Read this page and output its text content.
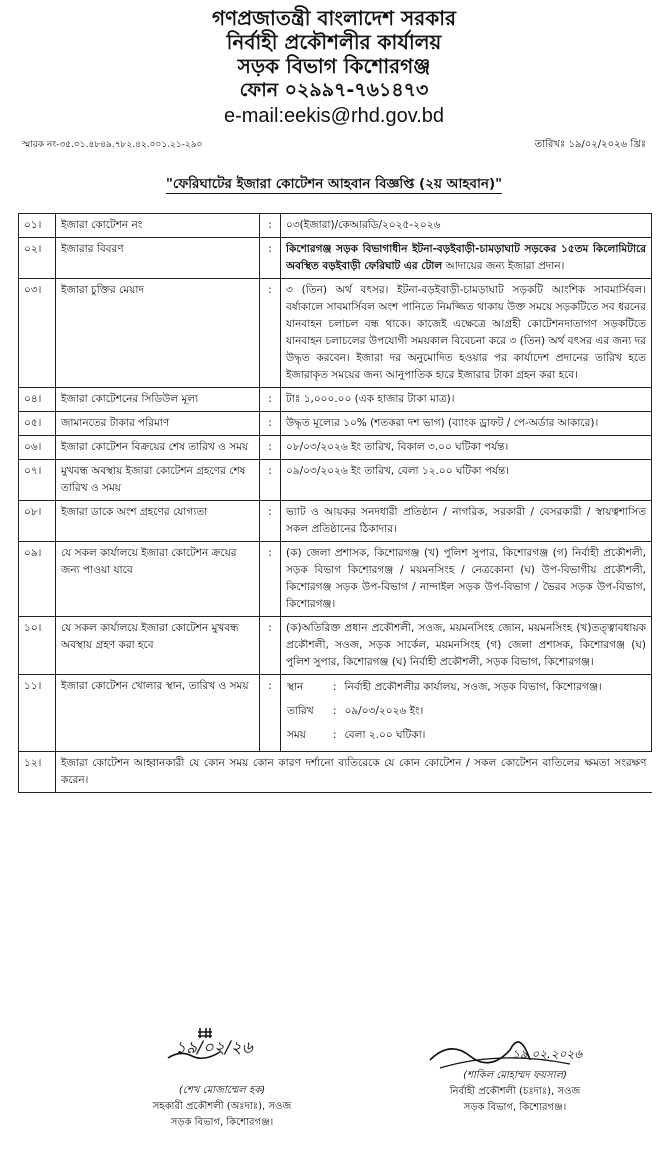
গণপ্রজাতন্ত্রী বাংলাদেশ সরকার
নির্বাহী প্রকৌশলীর কার্যালয়
সড়ক বিভাগ কিশোরগঞ্জ
ফোন ০২৯৯৭-৭৬১৪৭৩
e-mail:eekis@rhd.gov.bd
স্মারক নং-৩৫.০১.৪৮৪৯.৭৮২.৪২.০০১.২১-২৯০	তারিখঃ ১৯/০২/২০২৬ খ্রিঃ
"ফেরিঘাটের ইজারা কোটেশন আহবান বিজ্ঞপ্তি (২য় আহবান)"
০১।	ইজারা কোটেশন নং	:	০৩(ইজারা)/কেআরডি/২০২৫-২০২৬
০২।	ইজারার বিবরণ	:	কিশোরগঞ্জ সড়ক বিভাগাধীন ইটনা-বড়ইবাড়ী-চামড়াঘাট সড়কের ১৫তম কিলোমিটারে অবস্থিত বড়ইবাড়ী ফেরিঘাট এর টোল আদায়ের জন্য ইজারা প্রদান।
০৩।	ইজারা চুক্তির মেয়াদ	:	৩ (তিন) অর্থ বৎসর। ইটনা-বড়ইবাড়ী-চামড়াঘাট সড়কটি আংশিক সাবমার্সিবল। বর্ষাকালে সাবমার্সিবল অংশ পানিতে নিমজ্জিত থাকায় উক্ত সময়ে সড়কটিতে সব ধরনের যানবাহন চলাচল বন্ধ থাকে। কাজেই এক্ষেত্রে আগ্রহী কোটেশনদাতাগণ সড়কটিতে যানবাহন চলাচলের উপযোগী সময়কাল বিবেচনা করে ৩ (তিন) অর্থ বৎসর এর জন্য দর উদ্ধৃত করবেন। ইজারা দর অনুমোদিত হওয়ার পর কার্যাদেশ প্রদানের তারিখ হতে ইজারাকৃত সময়ের জন্য আনুপাতিক হারে ইজারার টাকা গ্রহন করা হবে।
০৪।	ইজারা কোটেশনের সিডিউল মূল্য	:	টাঃ ১,০০০.০০ (এক হাজার টাকা মাত্র)।
০৫।	জামানতের টাকার পরিমাণ	:	উদ্ধৃত মূল্যের ১০% (শতকরা দশ ভাগ) (ব্যাংক ড্রাফট / পে-অর্ডার আকারে)।
০৬।	ইজারা কোটেশন বিক্রয়ের শেষ তারিখ ও সময়	:	০৮/০৩/২০২৬ ইং তারিখ, বিকাল ৩.০০ ঘটিকা পর্যন্ত।
০৭।	মুখবন্ধ অবস্থায় ইজারা কোটেশন গ্রহণের শেষ তারিখ ও সময়	:	০৯/০৩/২০২৬ ইং তারিখ, বেলা ১২.০০ ঘটিকা পর্যন্ত।
০৮।	ইজারা ডাকে অংশ গ্রহণের যোগ্যতা	:	ভ্যাট ও আয়কর সনদধারী প্রতিষ্ঠান / নাগরিক, সরকারী / বেসরকারী / স্বায়ত্বশাসিত সকল প্রতিষ্ঠানের ঠিকাদার।
০৯।	যে সকল কার্যালয়ে ইজারা কোটেশন ক্রয়ের জন্য পাওয়া যাবে	:	(ক) জেলা প্রশাসক, কিশোরগঞ্জ (খ) পুলিশ সুপার, কিশোরগঞ্জ (গ) নির্বাহী প্রকৌশলী, সড়ক বিভাগ কিশোরগঞ্জ / ময়মনসিংহ / নেত্রকোনা (ঘ) উপ-বিভাগীয় প্রকৌশলী, কিশোরগঞ্জ সড়ক উপ-বিভাগ / নান্দাইল সড়ক উপ-বিভাগ / ভৈরব সড়ক উপ-বিভাগ, কিশোরগঞ্জ।
১০।	যে সকল কার্যালয়ে ইজারা কোটেশন মুখবন্ধ অবস্থায় গ্রহণ করা হবে	:	(ক)অতিরিক্ত প্রধান প্রকৌশলী, সওজ, ময়মনসিংহ জোন, ময়মনসিংহ (খ)তত্ত্বাবধায়ক প্রকৌশলী, সওজ, সড়ক সার্কেল, ময়মনসিংহ (গ) জেলা প্রশাসক, কিশোরগঞ্জ (ঘ) পুলিশ সুপার, কিশোরগঞ্জ (ঘ) নির্বাহী প্রকৌশলী, সড়ক বিভাগ, কিশোরগঞ্জ।
১১।	ইজারা কোটেশন খোলার স্থান, তারিখ ও সময়	:	স্থান	:	নির্বাহী প্রকৌশলীর কার্যালয়, সওজ, সড়ক বিভাগ, কিশোরগঞ্জ।
তারিখ	:	০৯/০৩/২০২৬ ইং।
সময়	:	বেলা ২.০০ ঘটিকা।

১২।	ইজারা কোটেশন আহ্বানকারী যে কোন সময় কোন কারণ দর্শানো ব্যতিরেকে যে কোন কোটেশন / সকল কোটেশন বাতিলের ক্ষমতা সংরক্ষণ করেন।
১৯/০২/২৬
(শেখ মোজাম্মেল হক)
সহকারী প্রকৌশলী (অঃদাঃ), সওজ
সড়ক বিভাগ, কিশোরগঞ্জ।
১৯.০২.২০২৬
(শাকিল মোহাম্মদ ফয়সাল)
নির্বাহী প্রকৌশলী (চঃদাঃ), সওজ
সড়ক বিভাগ, কিশোরগঞ্জ।
